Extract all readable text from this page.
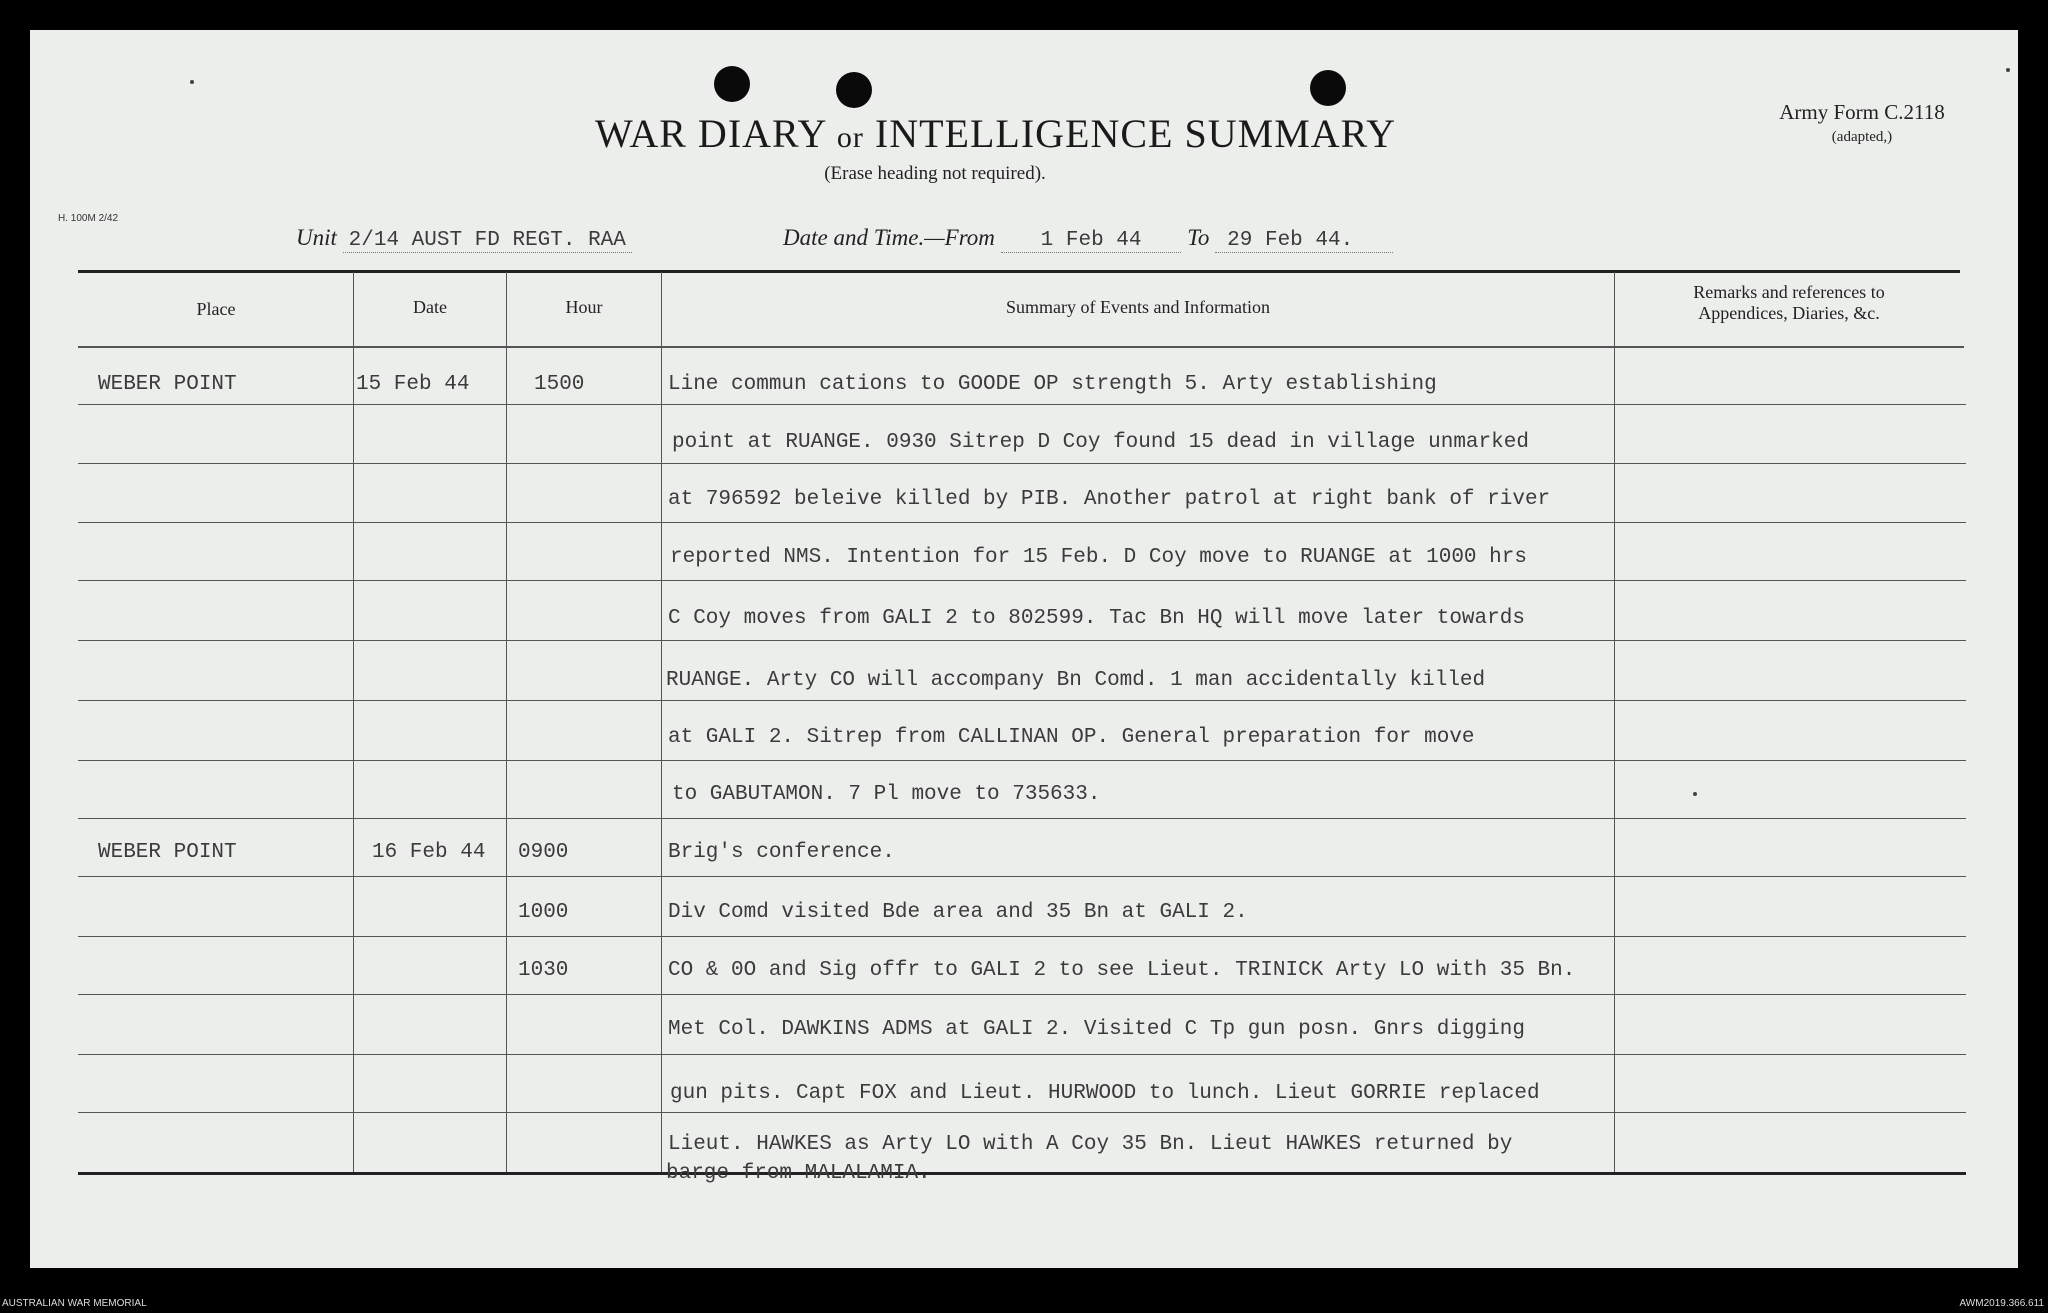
WAR DIARY or INTELLIGENCE SUMMARY
(Erase heading not required).
Army Form C.2118
(adapted,)
H. 100M 2/42
Unit 2/14 AUST FD REGT. RAA	Date and Time.—From 1 Feb 44 To 29 Feb 44.
Place	Date	Hour	Summary of Events and Information
Remarks and references to
Appendices, Diaries, &c.
WEBER POINT	15 Feb 44	1500	Line commun cations to GOODE OP strength 5. Arty establishing
point at RUANGE. 0930 Sitrep D Coy found 15 dead in village unmarked
at 796592 beleive killed by PIB. Another patrol at right bank of river
reported NMS. Intention for 15 Feb. D Coy move to RUANGE at 1000 hrs
C Coy moves from GALI 2 to 802599. Tac Bn HQ will move later towards
RUANGE. Arty CO will accompany Bn Comd. 1 man accidentally killed
at GALI 2. Sitrep from CALLINAN OP. General preparation for move
to GABUTAMON. 7 Pl move to 735633.
WEBER POINT	16 Feb 44 0900	Brig's conference.
1000	Div Comd visited Bde area and 35 Bn at GALI 2.
1030	CO & 0O and Sig offr to GALI 2 to see Lieut. TRINICK Arty LO with 35 Bn.
Met Col. DAWKINS ADMS at GALI 2. Visited C Tp gun posn. Gnrs digging
gun pits. Capt FOX and Lieut. HURWOOD to lunch. Lieut GORRIE replaced
Lieut. HAWKES as Arty LO with A Coy 35 Bn. Lieut HAWKES returned by
barge from MALALAMIA.
AUSTRALIAN WAR MEMORIAL	AWM2019.366.611
